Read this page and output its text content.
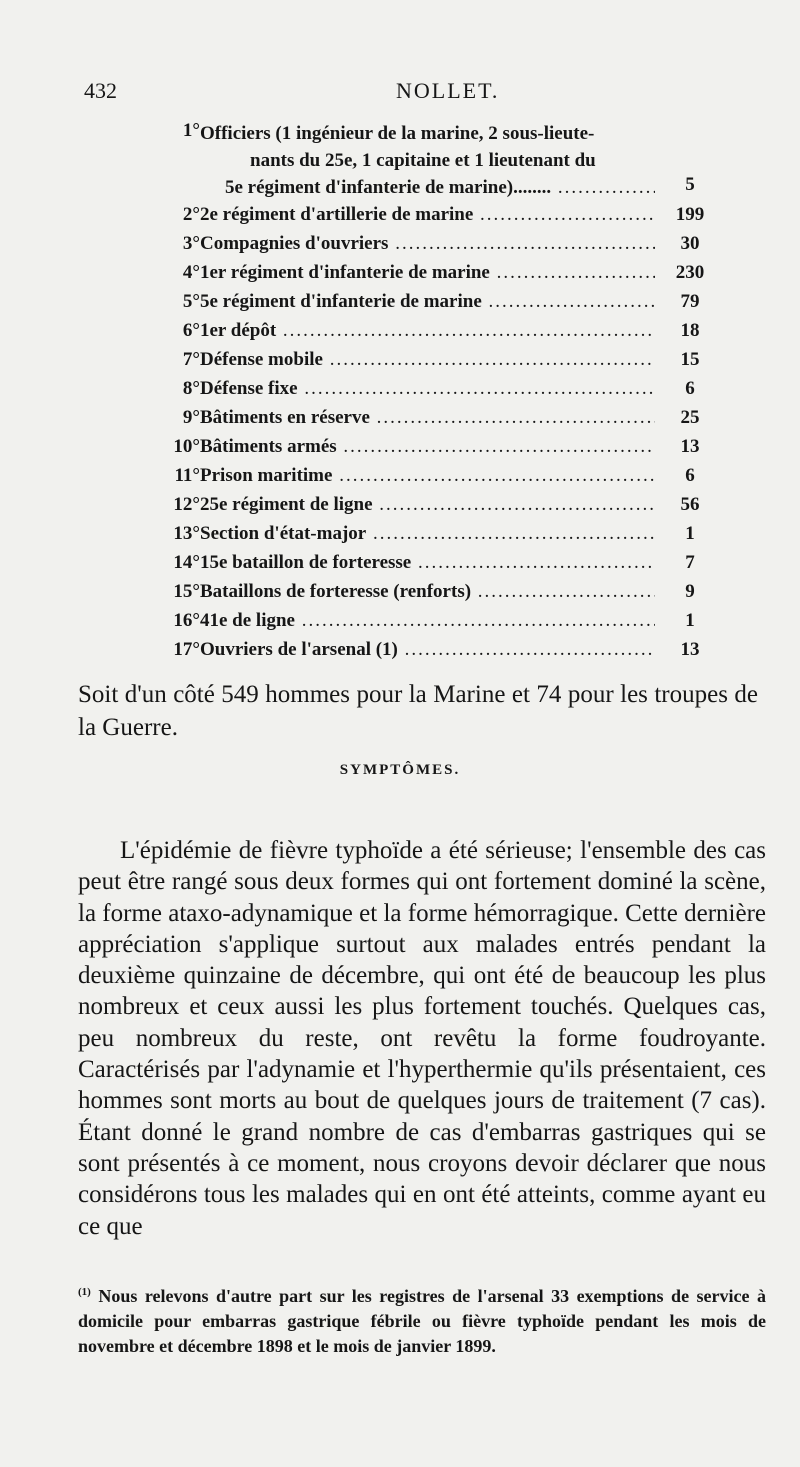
432	NOLLET.
1° Officiers (1 ingénieur de la marine, 2 sous-lieute-
nants du 25e, 1 capitaine et 1 lieutenant du
5e régiment d'infanterie de marine)........ .....	5
2° 2e régiment d'artillerie de marine .....	199
3° Compagnies d'ouvriers .....	30
4° 1er régiment d'infanterie de marine .....	230
5° 5e régiment d'infanterie de marine .....	79
6° 1er dépôt .....	18
7° Défense mobile .....	15
8° Défense fixe .....	6
9° Bâtiments en réserve .....	25
10° Bâtiments armés .....	13
11° Prison maritime .....	6
12° 25e régiment de ligne .....	56
13° Section d'état-major .....	1
14° 15e bataillon de forteresse .....	7
15° Bataillons de forteresse (renforts) .....	9
16° 41e de ligne .....	1
17° Ouvriers de l'arsenal (1) .....	13

Soit d'un côté 549 hommes pour la Marine et 74 pour les troupes de la Guerre.

SYMPTÔMES.

L'épidémie de fièvre typhoïde a été sérieuse; l'ensemble des cas peut être rangé sous deux formes qui ont fortement dominé la scène, la forme ataxo-adynamique et la forme hémorragique. Cette dernière appréciation s'applique surtout aux malades entrés pendant la deuxième quinzaine de décembre, qui ont été de beaucoup les plus nombreux et ceux aussi les plus fortement touchés. Quelques cas, peu nombreux du reste, ont revêtu la forme foudroyante. Caractérisés par l'adynamie et l'hyperthermie qu'ils présentaient, ces hommes sont morts au bout de quelques jours de traitement (7 cas). Étant donné le grand nombre de cas d'embarras gastriques qui se sont présentés à ce moment, nous croyons devoir déclarer que nous considérons tous les malades qui en ont été atteints, comme ayant eu ce que

$^{(1)}$ Nous relevons d'autre part sur les registres de l'arsenal 33 exemptions de service à domicile pour embarras gastrique fébrile ou fièvre typhoïde pendant les mois de novembre et décembre 1898 et le mois de janvier 1899.
